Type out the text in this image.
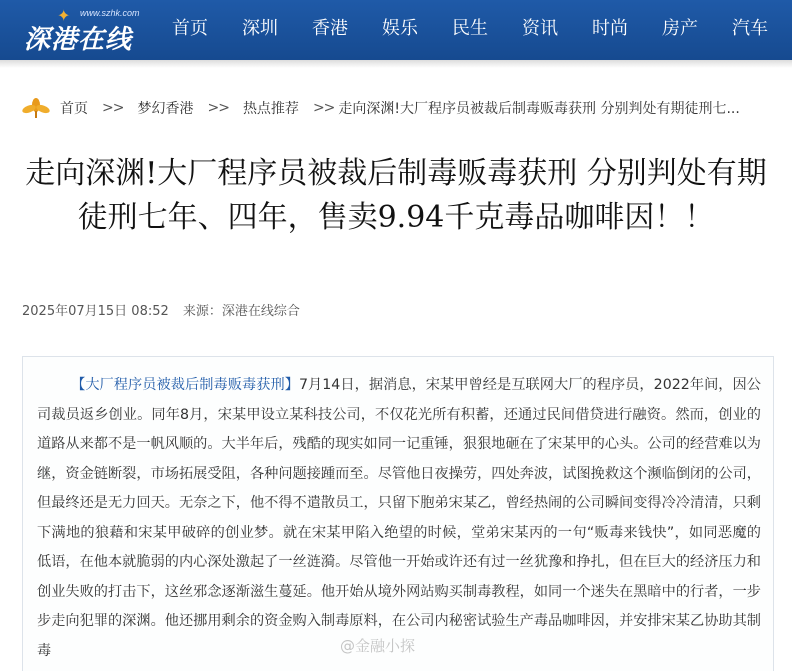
www.szhk.com
✦
深港在线	首页	深圳	香港	娱乐	民生	资讯	时尚	房产	汽车
首页 >> 梦幻香港 >> 热点推荐 >> 走向深渊!大厂程序员被裁后制毒贩毒获刑 分别判处有期徒刑七...
走向深渊!大厂程序员被裁后制毒贩毒获刑 分别判处有期徒刑七年、四年，售卖9.94千克毒品咖啡因！！
2025年07月15日 08:52 来源：深港在线综合

【大厂程序员被裁后制毒贩毒获刑】7月14日，据消息，宋某甲曾经是互联网大厂的程序员，2022年间，因公司裁员返乡创业。同年8月，宋某甲设立某科技公司，不仅花光所有积蓄，还通过民间借贷进行融资。然而，创业的道路从来都不是一帆风顺的。大半年后，残酷的现实如同一记重锤，狠狠地砸在了宋某甲的心头。公司的经营难以为继，资金链断裂，市场拓展受阻，各种问题接踵而至。尽管他日夜操劳，四处奔波，试图挽救这个濒临倒闭的公司，但最终还是无力回天。无奈之下，他不得不遣散员工，只留下胞弟宋某乙，曾经热闹的公司瞬间变得冷冷清清，只剩下满地的狼藉和宋某甲破碎的创业梦。就在宋某甲陷入绝望的时候，堂弟宋某丙的一句“贩毒来钱快”，如同恶魔的低语，在他本就脆弱的内心深处激起了一丝涟漪。尽管他一开始或许还有过一丝犹豫和挣扎，但在巨大的经济压力和创业失败的打击下，这丝邪念逐渐滋生蔓延。他开始从境外网站购买制毒教程，如同一个迷失在黑暗中的行者，一步步走向犯罪的深渊。他还挪用剩余的资金购入制毒原料，在公司内秘密试验生产毒品咖啡因，并安排宋某乙协助其制毒	@金融小探
